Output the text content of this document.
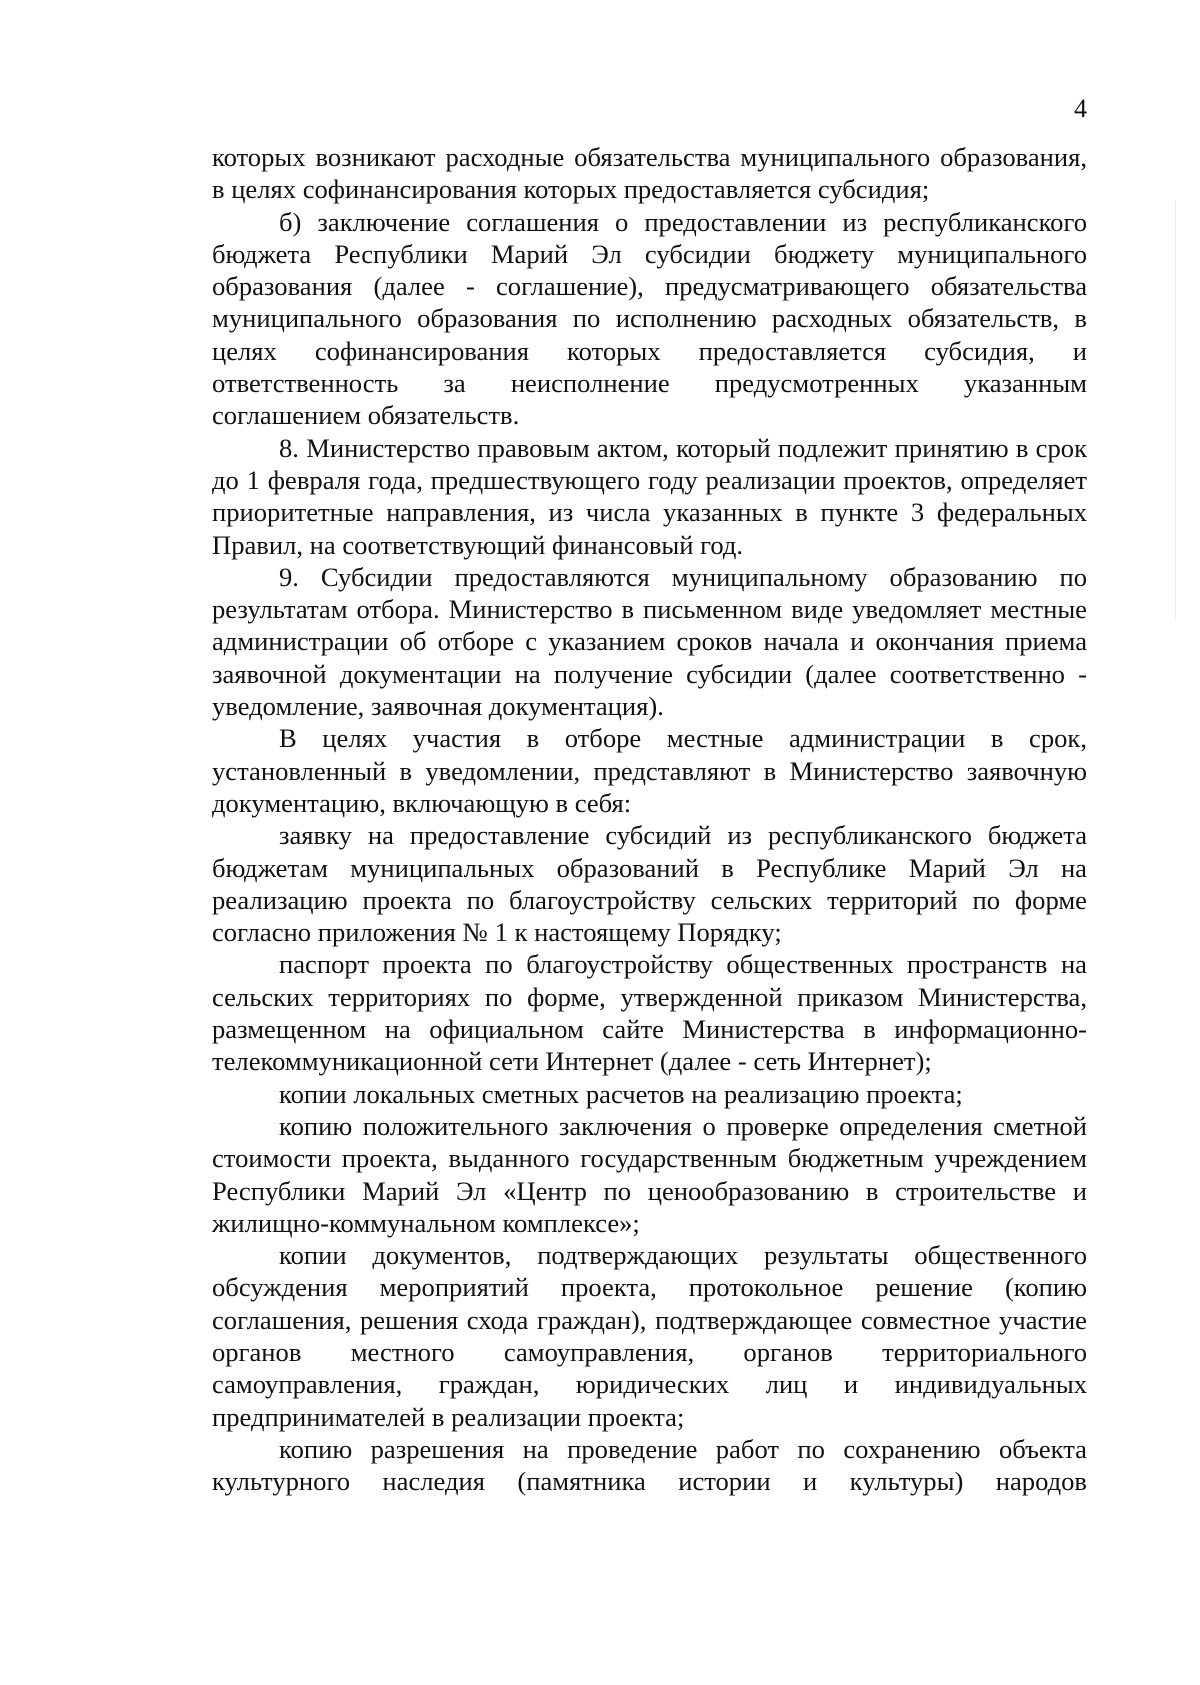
4

которых возникают расходные обязательства муниципального образования, в целях софинансирования которых предоставляется субсидия;

б) заключение соглашения о предоставлении из республиканского бюджета Республики Марий Эл субсидии бюджету муниципального образования (далее - соглашение), предусматривающего обязательства муниципального образования по исполнению расходных обязательств, в целях софинансирования которых предоставляется субсидия, и ответственность за неисполнение предусмотренных указанным соглашением обязательств.

8. Министерство правовым актом, который подлежит принятию в срок до 1 февраля года, предшествующего году реализации проектов, определяет приоритетные направления, из числа указанных в пункте 3 федеральных Правил, на соответствующий финансовый год.

9. Субсидии предоставляются муниципальному образованию по результатам отбора. Министерство в письменном виде уведомляет местные администрации об отборе с указанием сроков начала и окончания приема заявочной документации на получение субсидии (далее соответственно - уведомление, заявочная документация).

В целях участия в отборе местные администрации в срок, установленный в уведомлении, представляют в Министерство заявочную документацию, включающую в себя:

заявку на предоставление субсидий из республиканского бюджета бюджетам муниципальных образований в Республике Марий Эл на реализацию проекта по благоустройству сельских территорий по форме согласно приложения № 1 к настоящему Порядку;

паспорт проекта по благоустройству общественных пространств на сельских территориях по форме, утвержденной приказом Министерства, размещенном на официальном сайте Министерства в информационно-телекоммуникационной сети Интернет (далее - сеть Интернет);

копии локальных сметных расчетов на реализацию проекта;

копию положительного заключения о проверке определения сметной стоимости проекта, выданного государственным бюджетным учреждением Республики Марий Эл «Центр по ценообразованию в строительстве и жилищно-коммунальном комплексе»;

копии документов, подтверждающих результаты общественного обсуждения мероприятий проекта, протокольное решение (копию соглашения, решения схода граждан), подтверждающее совместное участие органов местного самоуправления, органов территориального самоуправления, граждан, юридических лиц и индивидуальных предпринимателей в реализации проекта;

копию разрешения на проведение работ по сохранению объекта культурного наследия (памятника истории и культуры) народов
